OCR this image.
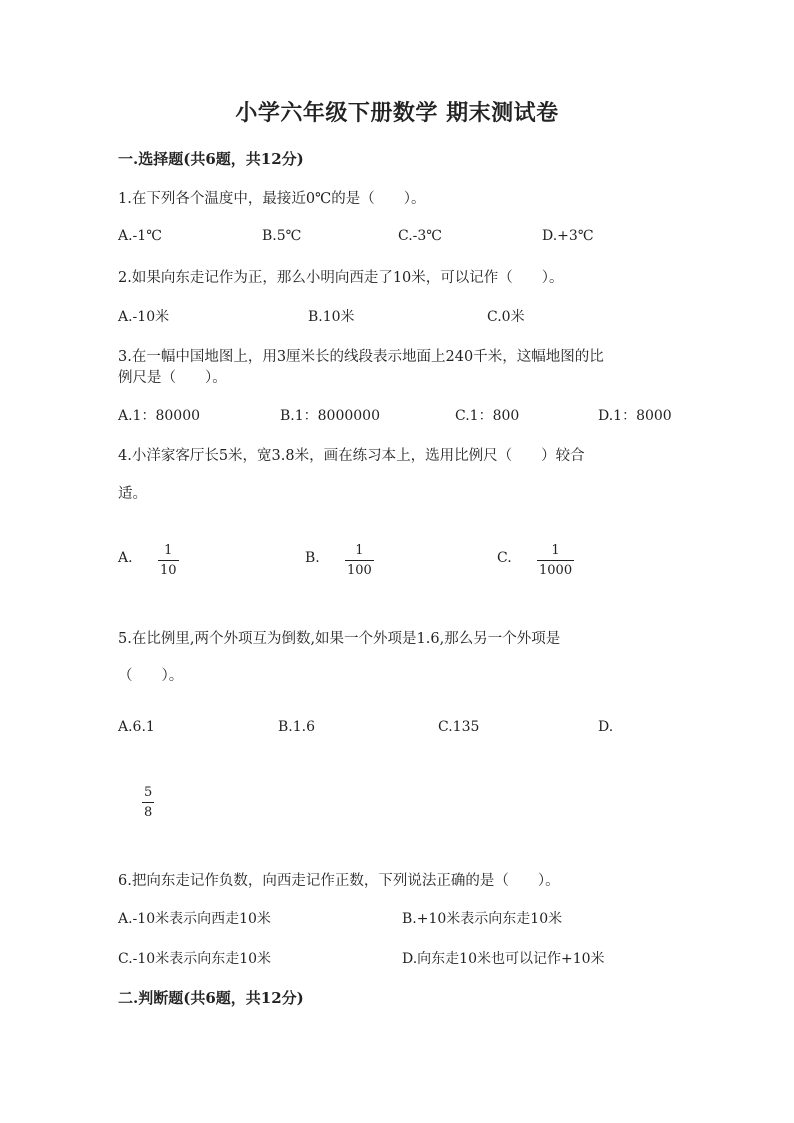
小学六年级下册数学 期末测试卷
一.选择题(共6题，共12分)
1.在下列各个温度中，最接近0℃的是（　　）。
A.-1℃	B.5℃	C.-3℃	D.+3℃
2.如果向东走记作为正，那么小明向西走了10米，可以记作（　　）。
A.-10米	B.10米	C.0米
3.在一幅中国地图上，用3厘米长的线段表示地面上240千米，这幅地图的比
例尺是（　　）。
A.1：80000	B.1：8000000	C.1：800	D.1：8000
4.小洋家客厅长5米，宽3.8米，画在练习本上，选用比例尺（　　）较合
适。
A. 1
10
B.	1
100
C.	1
1000
5.在比例里,两个外项互为倒数,如果一个外项是1.6,那么另一个外项是
（　　）。
A.6.1	B.1.6	C.135	D.
5
8
6.把向东走记作负数，向西走记作正数，下列说法正确的是（　　）。
A.-10米表示向西走10米	B.+10米表示向东走10米
C.-10米表示向东走10米	D.向东走10米也可以记作+10米
二.判断题(共6题，共12分)
